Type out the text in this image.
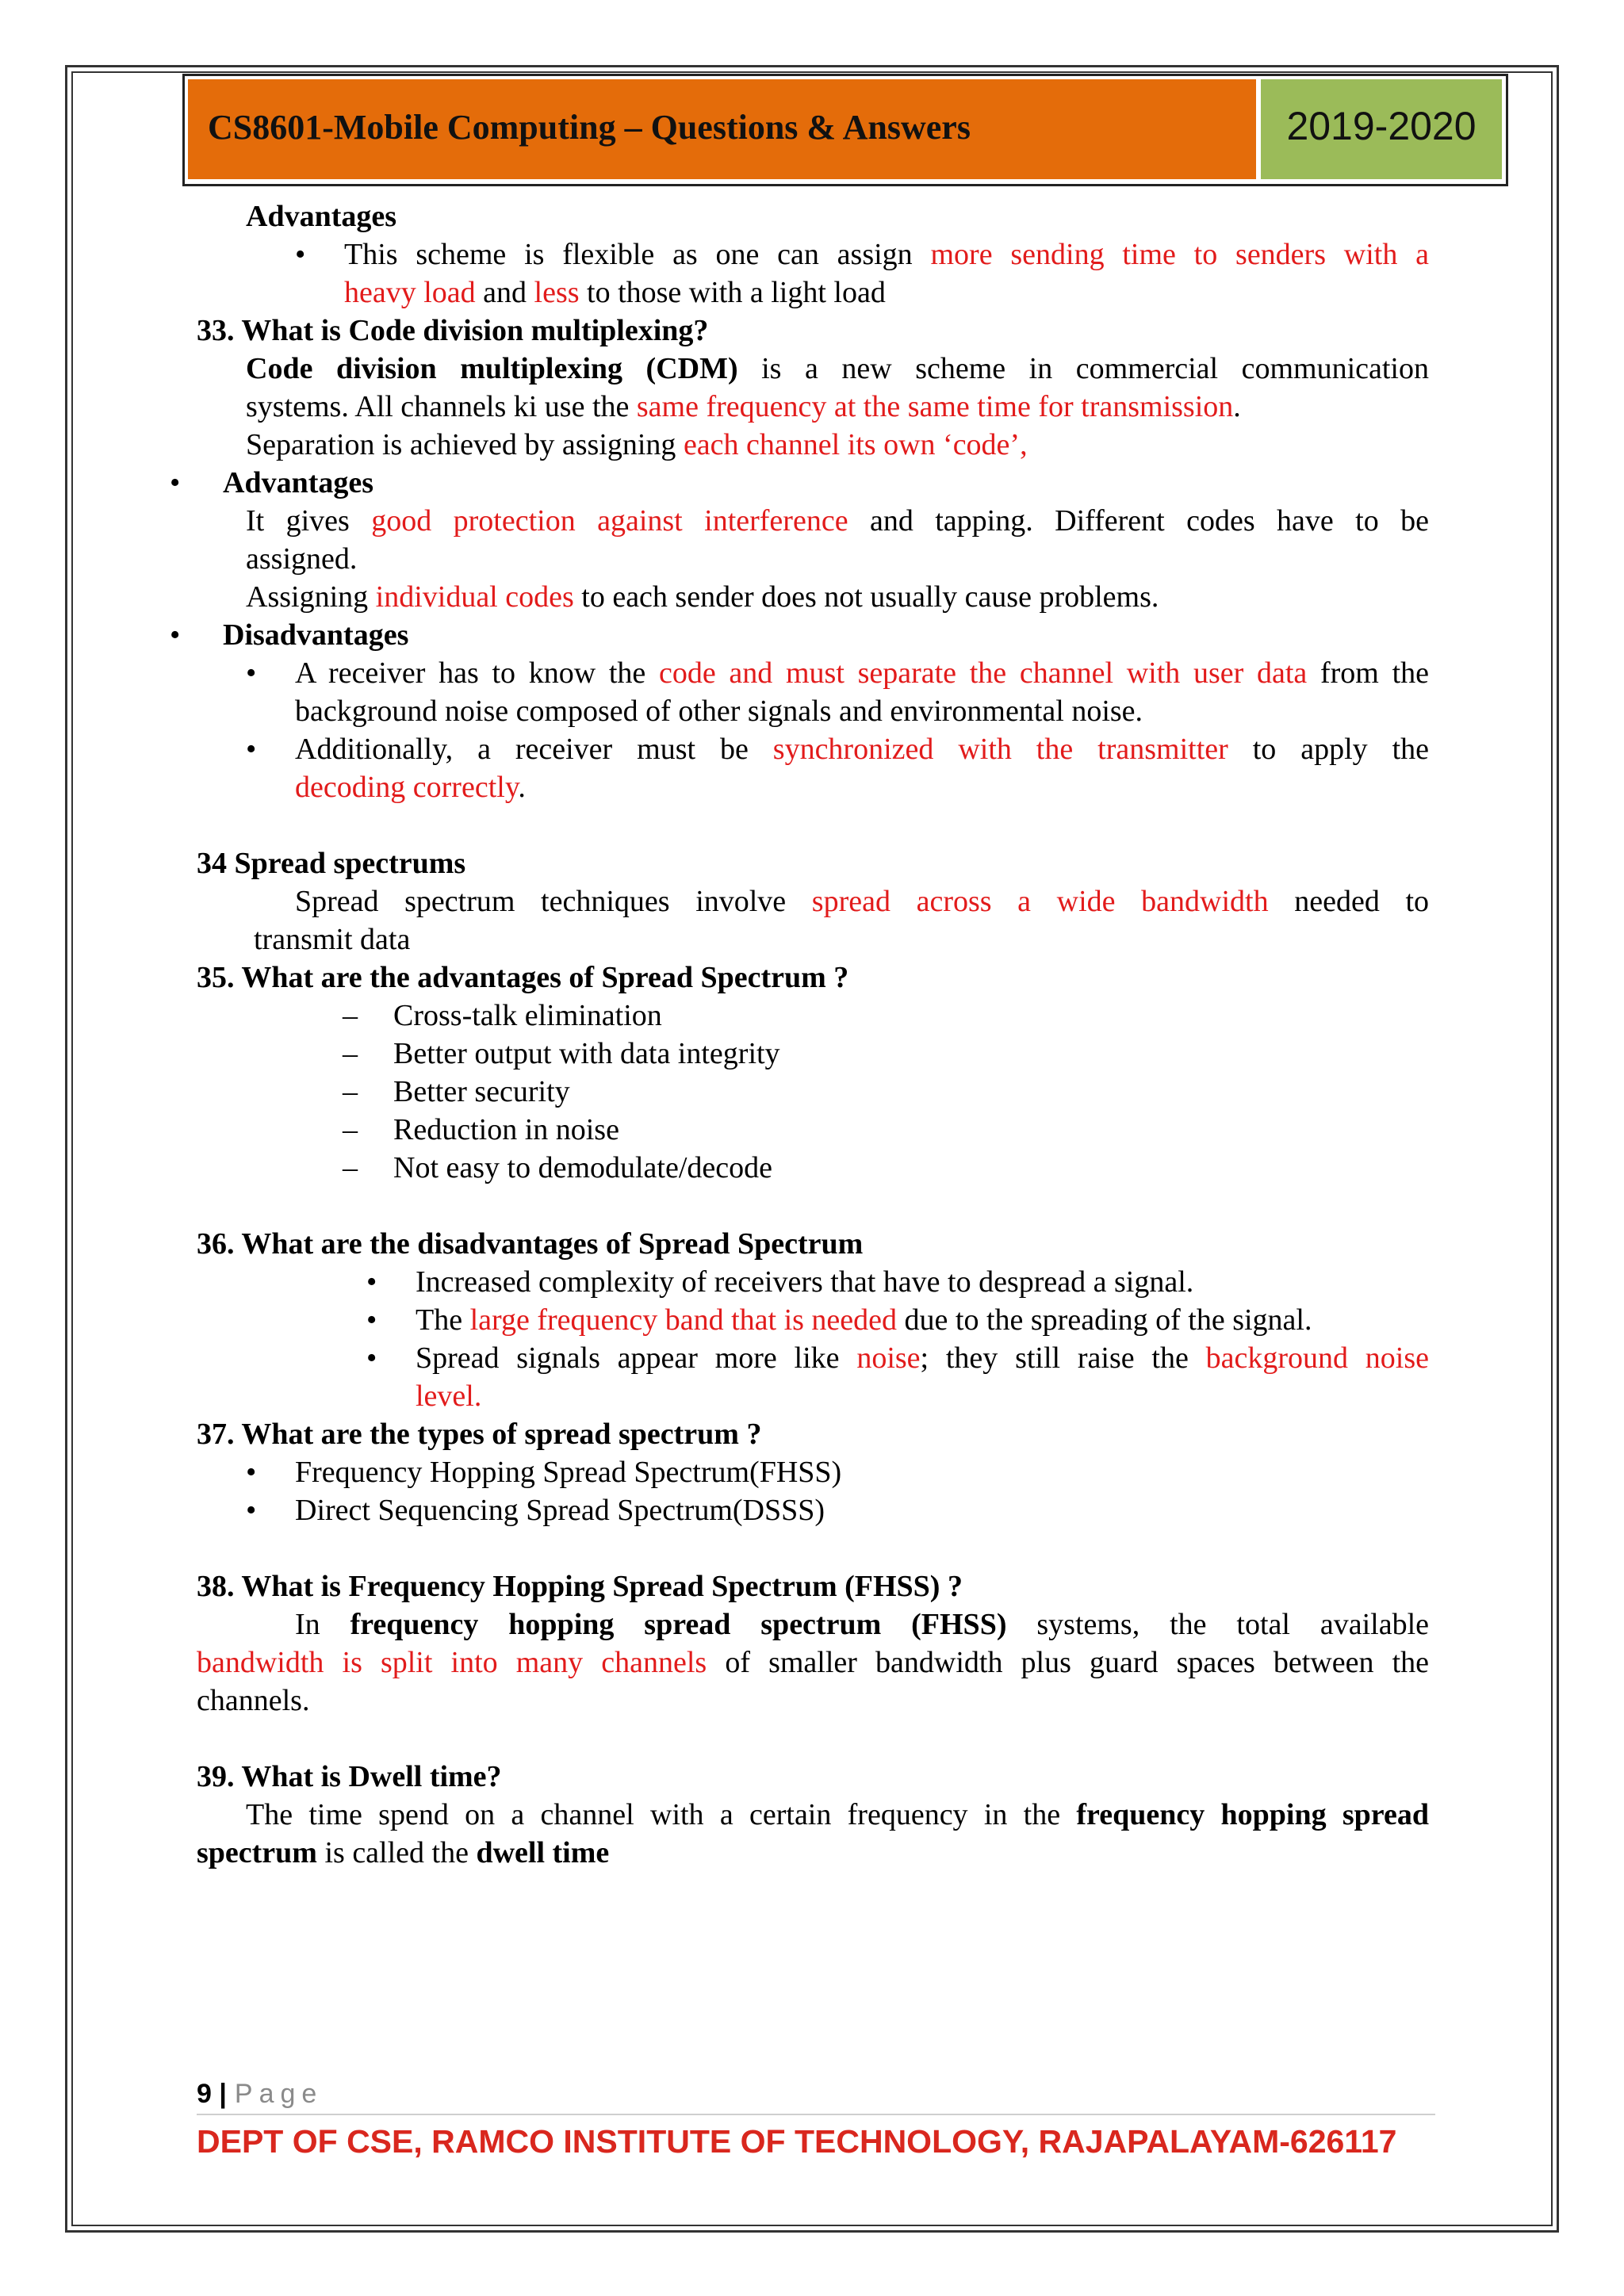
CS8601-Mobile Computing – Questions & Answers	2019-2020
Advantages
• This scheme is flexible as one can assign more sending time to senders with a
heavy load and less to those with a light load
33. What is Code division multiplexing?
Code division multiplexing (CDM) is a new scheme in commercial communication
systems. All channels ki use the same frequency at the same time for transmission.
Separation is achieved by assigning each channel its own ‘code’,
• Advantages
It gives good protection against interference and tapping. Different codes have to be
assigned.
Assigning individual codes to each sender does not usually cause problems.
• Disadvantages
• A receiver has to know the code and must separate the channel with user data from the
background noise composed of other signals and environmental noise.
• Additionally, a receiver must be synchronized with the transmitter to apply the
decoding correctly.
34 Spread spectrums
Spread spectrum techniques involve spread across a wide bandwidth needed to
transmit data
35. What are the advantages of Spread Spectrum ?
– Cross-talk elimination
– Better output with data integrity
– Better security
– Reduction in noise
– Not easy to demodulate/decode
36. What are the disadvantages of Spread Spectrum
• Increased complexity of receivers that have to despread a signal.
• The large frequency band that is needed due to the spreading of the signal.
• Spread signals appear more like noise; they still raise the background noise
level.
37. What are the types of spread spectrum ?
• Frequency Hopping Spread Spectrum(FHSS)
• Direct Sequencing Spread Spectrum(DSSS)
38. What is Frequency Hopping Spread Spectrum (FHSS) ?
In frequency hopping spread spectrum (FHSS) systems, the total available
bandwidth is split into many channels of smaller bandwidth plus guard spaces between the
channels.
39. What is Dwell time?
The time spend on a channel with a certain frequency in the frequency hopping spread
spectrum is called the dwell time
9 | Page
DEPT OF CSE, RAMCO INSTITUTE OF TECHNOLOGY, RAJAPALAYAM-626117
